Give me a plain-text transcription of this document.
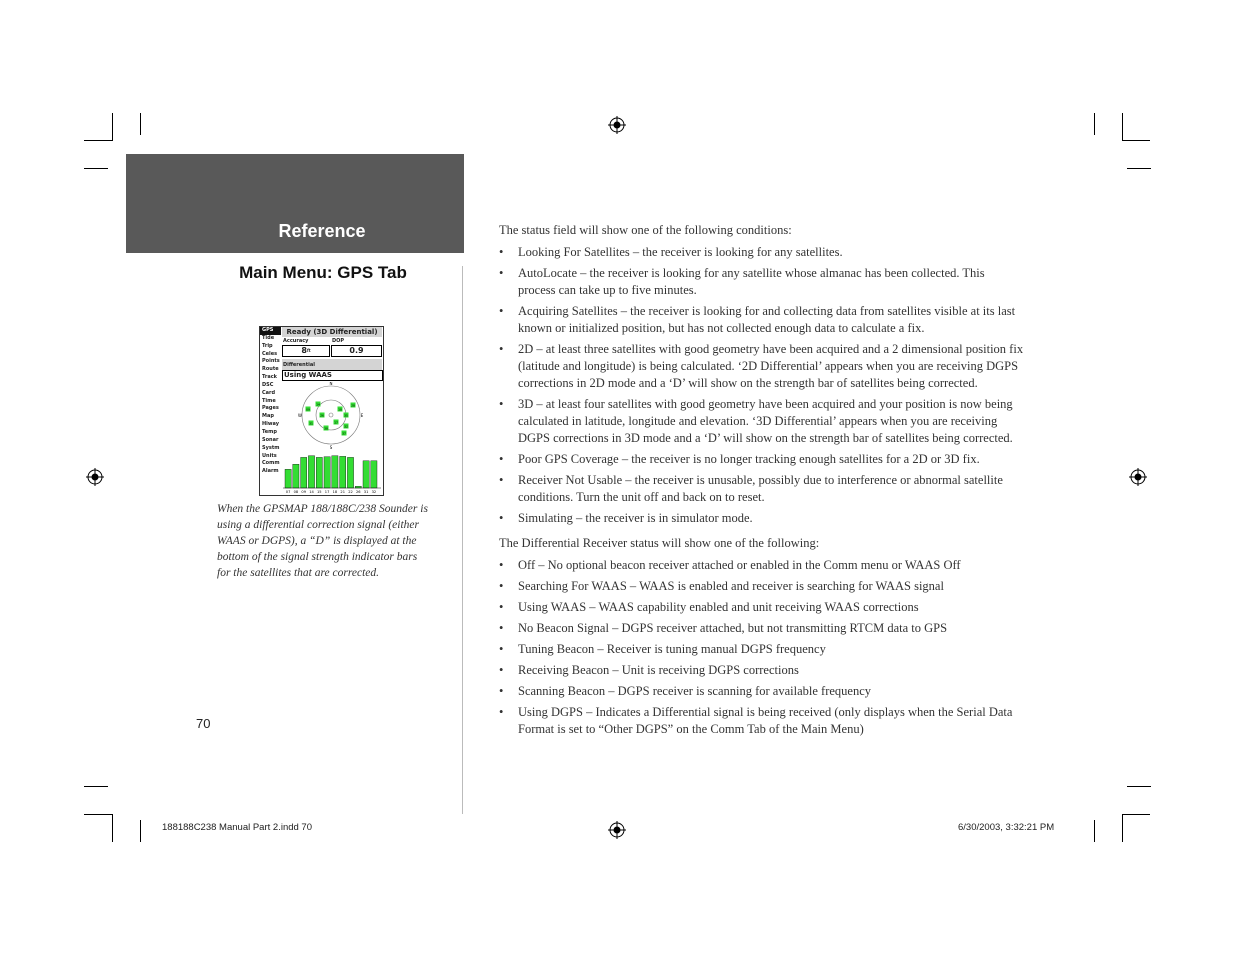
Reference
Main Menu: GPS Tab
GPS
Tide
Trip
Celes
Points
Route
Track
DSC
Card
Time
Pages
Map
Hiway
Temp
Sonar
Systm
Units
Comm
Alarm
Ready (3D Differential)
Accuracy	DOP
$8^{ft}$	0.9
Differential
Using WAAS
N
E
S
W
14
09
26
18
28
35
31	17
38	32
37
07 08 09 14 15 17 18 21 22 26 31 32
When the GPSMAP 188/188C/238 Sounder is using a differential correction signal (either WAAS or DGPS), a “D” is displayed at the bottom of the signal strength indicator bars for the satellites that are corrected.
70

The status field will show one of the following conditions:

• Looking For Satellites – the receiver is looking for any satellites.
• AutoLocate – the receiver is looking for any satellite whose almanac has been collected. This process can take up to five minutes.
• Acquiring Satellites – the receiver is looking for and collecting data from satellites visible at its last known or initialized position, but has not collected enough data to calculate a fix.
• 2D – at least three satellites with good geometry have been acquired and a 2 dimensional position fix (latitude and longitude) is being calculated. ‘2D Differential’ appears when you are receiving DGPS corrections in 2D mode and a ‘D’ will show on the strength bar of satellites being corrected.
• 3D – at least four satellites with good geometry have been acquired and your position is now being calculated in latitude, longitude and elevation. ‘3D Differential’ appears when you are receiving DGPS corrections in 3D mode and a ‘D’ will show on the strength bar of satellites being corrected.
• Poor GPS Coverage – the receiver is no longer tracking enough satellites for a 2D or 3D fix.
• Receiver Not Usable – the receiver is unusable, possibly due to interference or abnormal satellite conditions. Turn the unit off and back on to reset.
• Simulating – the receiver is in simulator mode.

The Differential Receiver status will show one of the following:

• Off – No optional beacon receiver attached or enabled in the Comm menu or WAAS Off
• Searching For WAAS – WAAS is enabled and receiver is searching for WAAS signal
• Using WAAS – WAAS capability enabled and unit receiving WAAS corrections
• No Beacon Signal – DGPS receiver attached, but not transmitting RTCM data to GPS
• Tuning Beacon – Receiver is tuning manual DGPS frequency
• Receiving Beacon – Unit is receiving DGPS corrections
• Scanning Beacon – DGPS receiver is scanning for available frequency
• Using DGPS – Indicates a Differential signal is being received (only displays when the Serial Data Format is set to “Other DGPS” on the Comm Tab of the Main Menu)
188188C238 Manual Part 2.indd 70	6/30/2003, 3:32:21 PM
